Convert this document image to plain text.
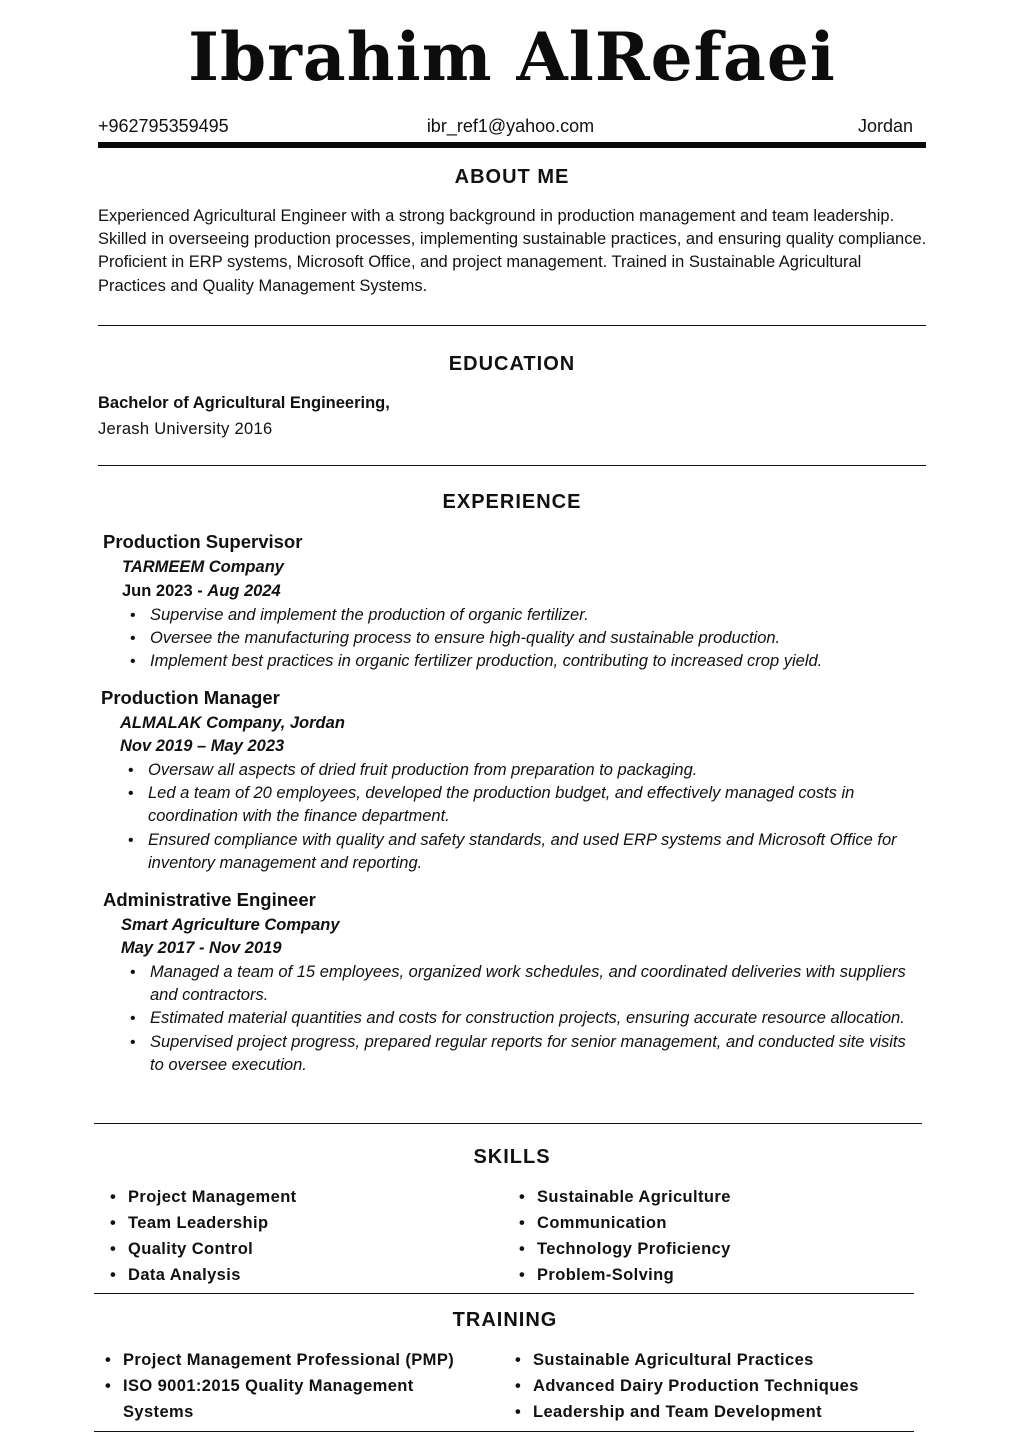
Ibrahim AlRefaei
+962795359495	ibr_ref1@yahoo.com	Jordan
ABOUT ME
Experienced Agricultural Engineer with a strong background in production management and team leadership. Skilled in overseeing production processes, implementing sustainable practices, and ensuring quality compliance. Proficient in ERP systems, Microsoft Office, and project management. Trained in Sustainable Agricultural Practices and Quality Management Systems.
EDUCATION
Bachelor of Agricultural Engineering,
Jerash University 2016
EXPERIENCE
Production Supervisor
TARMEEM Company
Jun 2023 - Aug 2024
• Supervise and implement the production of organic fertilizer.
• Oversee the manufacturing process to ensure high-quality and sustainable production.
• Implement best practices in organic fertilizer production, contributing to increased crop yield.
Production Manager
ALMALAK Company, Jordan
Nov 2019 – May 2023
• Oversaw all aspects of dried fruit production from preparation to packaging.
• Led a team of 20 employees, developed the production budget, and effectively managed costs in coordination with the finance department.
• Ensured compliance with quality and safety standards, and used ERP systems and Microsoft Office for inventory management and reporting.
Administrative Engineer
Smart Agriculture Company
May 2017 - Nov 2019
• Managed a team of 15 employees, organized work schedules, and coordinated deliveries with suppliers and contractors.
• Estimated material quantities and costs for construction projects, ensuring accurate resource allocation.
• Supervised project progress, prepared regular reports for senior management, and conducted site visits to oversee execution.
SKILLS
• Project Management
• Team Leadership
• Quality Control
• Data Analysis
• Sustainable Agriculture
• Communication
• Technology Proficiency
• Problem-Solving
TRAINING
• Project Management Professional (PMP)
• ISO 9001:2015 Quality Management Systems
• Sustainable Agricultural Practices
• Advanced Dairy Production Techniques
• Leadership and Team Development
